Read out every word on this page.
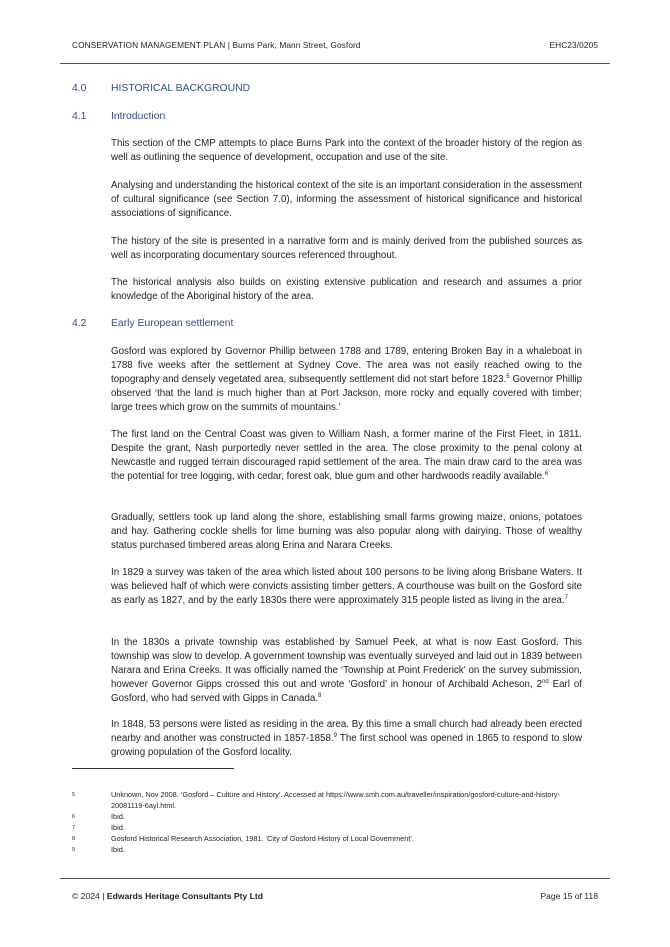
CONSERVATION MANAGEMENT PLAN | Burns Park, Mann Street, Gosford	EHC23/0205
4.0 HISTORICAL BACKGROUND
4.1 Introduction

This section of the CMP attempts to place Burns Park into the context of the broader history of the region as well as outlining the sequence of development, occupation and use of the site.

Analysing and understanding the historical context of the site is an important consideration in the assessment of cultural significance (see Section 7.0), informing the assessment of historical significance and historical associations of significance.

The history of the site is presented in a narrative form and is mainly derived from the published sources as well as incorporating documentary sources referenced throughout.

The historical analysis also builds on existing extensive publication and research and assumes a prior knowledge of the Aboriginal history of the area.

4.2 Early European settlement

Gosford was explored by Governor Phillip between 1788 and 1789, entering Broken Bay in a whaleboat in 1788 five weeks after the settlement at Sydney Cove. The area was not easily reached owing to the topography and densely vegetated area, subsequently settlement did not start before 1823.$^5$ Governor Phillip observed ‘that the land is much higher than at Port Jackson, more rocky and equally covered with timber; large trees which grow on the summits of mountains.’

The first land on the Central Coast was given to William Nash, a former marine of the First Fleet, in 1811. Despite the grant, Nash purportedly never settled in the area. The close proximity to the penal colony at Newcastle and rugged terrain discouraged rapid settlement of the area. The main draw card to the area was the potential for tree logging, with cedar, forest oak, blue gum and other hardwoods readily available.$^6$

Gradually, settlers took up land along the shore, establishing small farms growing maize, onions, potatoes and hay. Gathering cockle shells for lime burning was also popular along with dairying. Those of wealthy status purchased timbered areas along Erina and Narara Creeks.

In 1829 a survey was taken of the area which listed about 100 persons to be living along Brisbane Waters. It was believed half of which were convicts assisting timber getters. A courthouse was built on the Gosford site as early as 1827, and by the early 1830s there were approximately 315 people listed as living in the area.$^7$

In the 1830s a private township was established by Samuel Peek, at what is now East Gosford. This township was slow to develop. A government township was eventually surveyed and laid out in 1839 between Narara and Erina Creeks. It was officially named the ‘Township at Point Frederick’ on the survey submission, however Governor Gipps crossed this out and wrote ‘Gosford’ in honour of Archibald Acheson, 2nd Earl of Gosford, who had served with Gipps in Canada.$^8$

In 1848, 53 persons were listed as residing in the area. By this time a small church had already been erected nearby and another was constructed in 1857-1858.$^9$ The first school was opened in 1865 to respond to slow growing population of the Gosford locality.

5	Unknown, Nov 2008. ‘Gosford – Culture and History’. Accessed at https://www.smh.com.au/traveller/inspiration/gosford-culture-and-history-20081119-6ayl.html.
6	Ibid.
7	Ibid.
8	Gosford Historical Research Association, 1981. ‘City of Gosford History of Local Government’.
9	Ibid.
© 2024 | Edwards Heritage Consultants Pty Ltd	Page 15 of 118
